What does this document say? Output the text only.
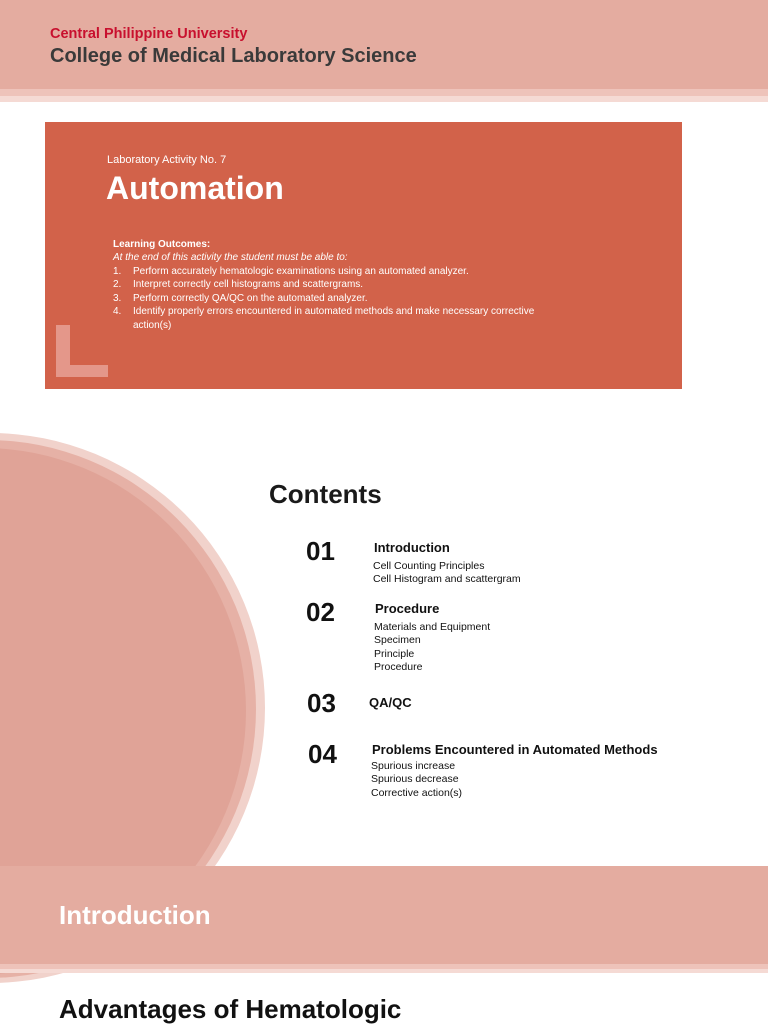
Central Philippine University
College of Medical Laboratory Science
Laboratory Activity No. 7
Automation
Learning Outcomes:
At the end of this activity the student must be able to:
1. Perform accurately hematologic examinations using an automated analyzer.
2. Interpret correctly cell histograms and scattergrams.
3. Perform correctly QA/QC on the automated analyzer.
4. Identify properly errors encountered in automated methods and make necessary corrective action(s)
Contents
01	Introduction
Cell Counting Principles
Cell Histogram and scattergram
02	Procedure
Materials and Equipment
Specimen
Principle
Procedure
03	QA/QC
04	Problems Encountered in Automated Methods
Spurious increase
Spurious decrease
Corrective action(s)
Introduction
Advantages of Hematologic
